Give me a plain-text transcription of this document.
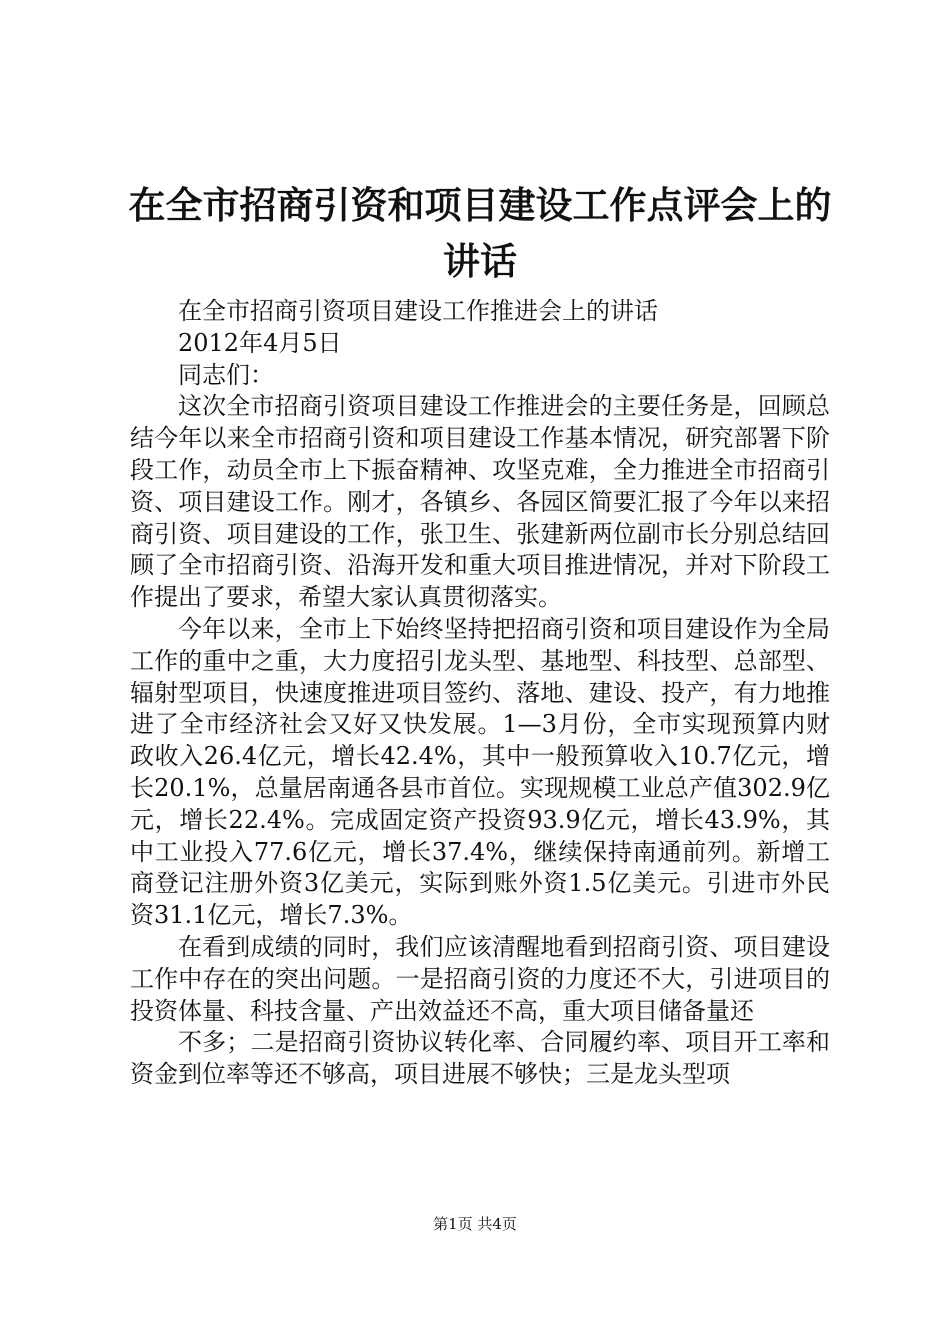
在全市招商引资和项目建设工作点评会上的讲话

在全市招商引资项目建设工作推进会上的讲话

2012年4月5日

同志们：

这次全市招商引资项目建设工作推进会的主要任务是，回顾总结今年以来全市招商引资和项目建设工作基本情况，研究部署下阶段工作，动员全市上下振奋精神、攻坚克难，全力推进全市招商引资、项目建设工作。刚才，各镇乡、各园区简要汇报了今年以来招商引资、项目建设的工作，张卫生、张建新两位副市长分别总结回顾了全市招商引资、沿海开发和重大项目推进情况，并对下阶段工作提出了要求，希望大家认真贯彻落实。

今年以来，全市上下始终坚持把招商引资和项目建设作为全局工作的重中之重，大力度招引龙头型、基地型、科技型、总部型、辐射型项目，快速度推进项目签约、落地、建设、投产，有力地推进了全市经济社会又好又快发展。1—3月份，全市实现预算内财政收入26.4亿元，增长42.4%，其中一般预算收入10.7亿元，增长20.1%，总量居南通各县市首位。实现规模工业总产值302.9亿元，增长22.4%。完成固定资产投资93.9亿元，增长43.9%，其中工业投入77.6亿元，增长37.4%，继续保持南通前列。新增工商登记注册外资3亿美元，实际到账外资1.5亿美元。引进市外民资31.1亿元，增长7.3%。

在看到成绩的同时，我们应该清醒地看到招商引资、项目建设工作中存在的突出问题。一是招商引资的力度还不大，引进项目的投资体量、科技含量、产出效益还不高，重大项目储备量还

不多；二是招商引资协议转化率、合同履约率、项目开工率和资金到位率等还不够高，项目进展不够快；三是龙头型项

第1页 共4页
